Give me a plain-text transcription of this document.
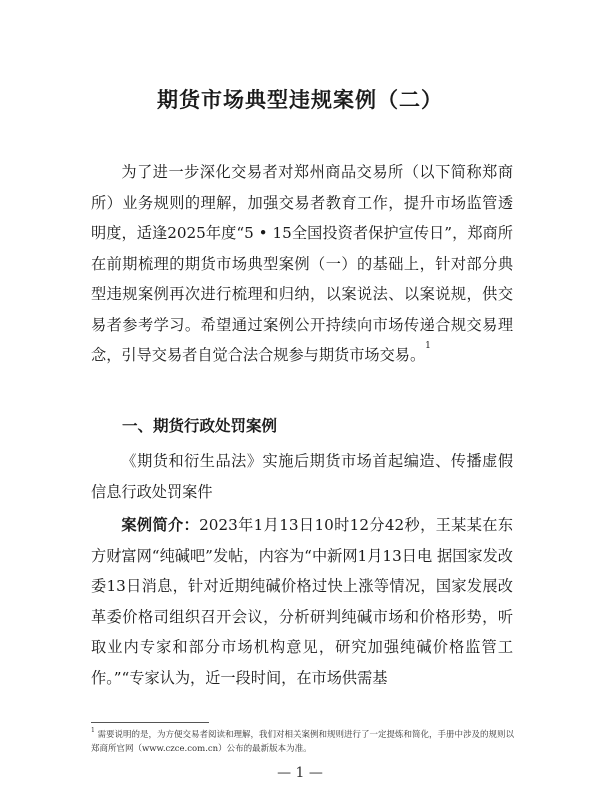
期货市场典型违规案例（二）
为了进一步深化交易者对郑州商品交易所（以下简称郑商所）业务规则的理解，加强交易者教育工作，提升市场监管透明度，适逢2025年度“5 • 15全国投资者保护宣传日”，郑商所在前期梳理的期货市场典型案例（一）的基础上，针对部分典型违规案例再次进行梳理和归纳，以案说法、以案说规，供交易者参考学习。希望通过案例公开持续向市场传递合规交易理念，引导交易者自觉合法合规参与期货市场交易。$^1$
一、期货行政处罚案例
《期货和衍生品法》实施后期货市场首起编造、传播虚假信息行政处罚案件
案例简介：2023年1月13日10时12分42秒，王某某在东方财富网“纯碱吧”发帖，内容为“中新网1月13日电 据国家发改委13日消息，针对近期纯碱价格过快上涨等情况，国家发展改革委价格司组织召开会议，分析研判纯碱市场和价格形势，听取业内专家和部分市场机构意见，研究加强纯碱价格监管工作。”“专家认为，近一段时间，在市场供需基
$^1$ 需要说明的是，为方便交易者阅读和理解，我们对相关案例和规则进行了一定提炼和简化，手册中涉及的规则以郑商所官网（www.czce.com.cn）公布的最新版本为准。
— 1 —
